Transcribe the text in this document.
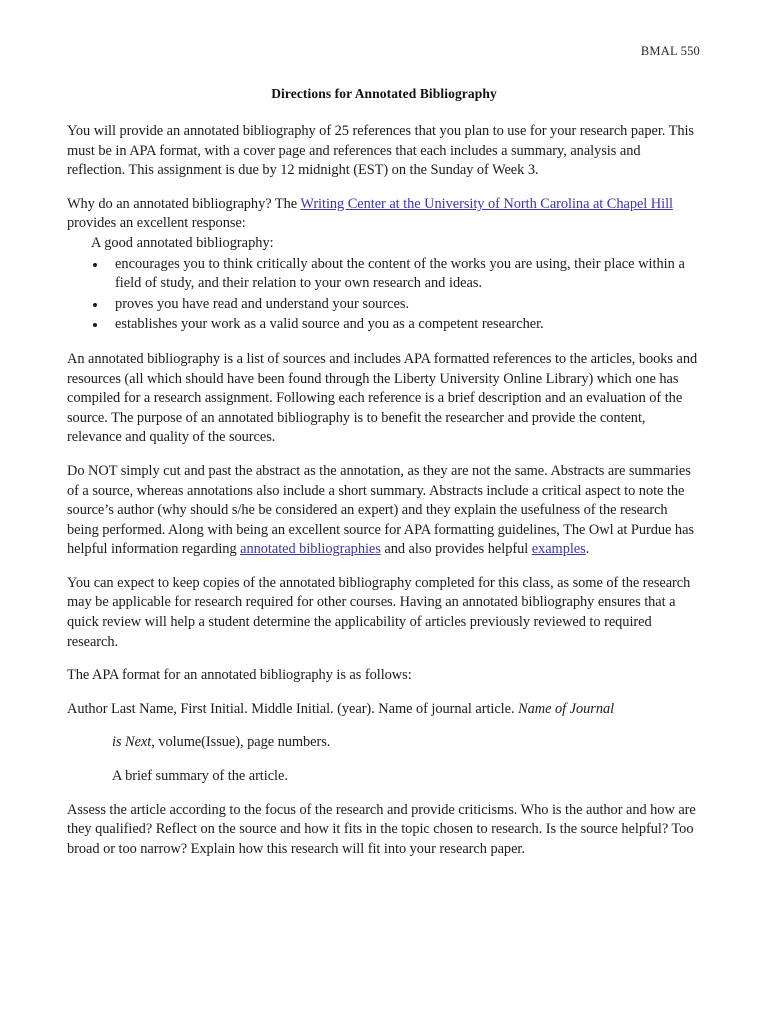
BMAL 550
Directions for Annotated Bibliography

You will provide an annotated bibliography of 25 references that you plan to use for your research paper. This must be in APA format, with a cover page and references that each includes a summary, analysis and reflection. This assignment is due by 12 midnight (EST) on the Sunday of Week 3.

Why do an annotated bibliography? The Writing Center at the University of North Carolina at Chapel Hill provides an excellent response:

A good annotated bibliography:

encourages you to think critically about the content of the works you are using, their place within a field of study, and their relation to your own research and ideas.
proves you have read and understand your sources.
establishes your work as a valid source and you as a competent researcher.

An annotated bibliography is a list of sources and includes APA formatted references to the articles, books and resources (all which should have been found through the Liberty University Online Library) which one has compiled for a research assignment. Following each reference is a brief description and an evaluation of the source. The purpose of an annotated bibliography is to benefit the researcher and provide the content, relevance and quality of the sources.

Do NOT simply cut and past the abstract as the annotation, as they are not the same. Abstracts are summaries of a source, whereas annotations also include a short summary. Abstracts include a critical aspect to note the source’s author (why should s/he be considered an expert) and they explain the usefulness of the research being performed. Along with being an excellent source for APA formatting guidelines, The Owl at Purdue has helpful information regarding annotated bibliographies and also provides helpful examples.

You can expect to keep copies of the annotated bibliography completed for this class, as some of the research may be applicable for research required for other courses. Having an annotated bibliography ensures that a quick review will help a student determine the applicability of articles previously reviewed to required research.

The APA format for an annotated bibliography is as follows:

Author Last Name, First Initial. Middle Initial. (year). Name of journal article. Name of Journal

is Next, volume(Issue), page numbers.

A brief summary of the article.

Assess the article according to the focus of the research and provide criticisms. Who is the author and how are they qualified? Reflect on the source and how it fits in the topic chosen to research. Is the source helpful? Too broad or too narrow? Explain how this research will fit into your research paper.
